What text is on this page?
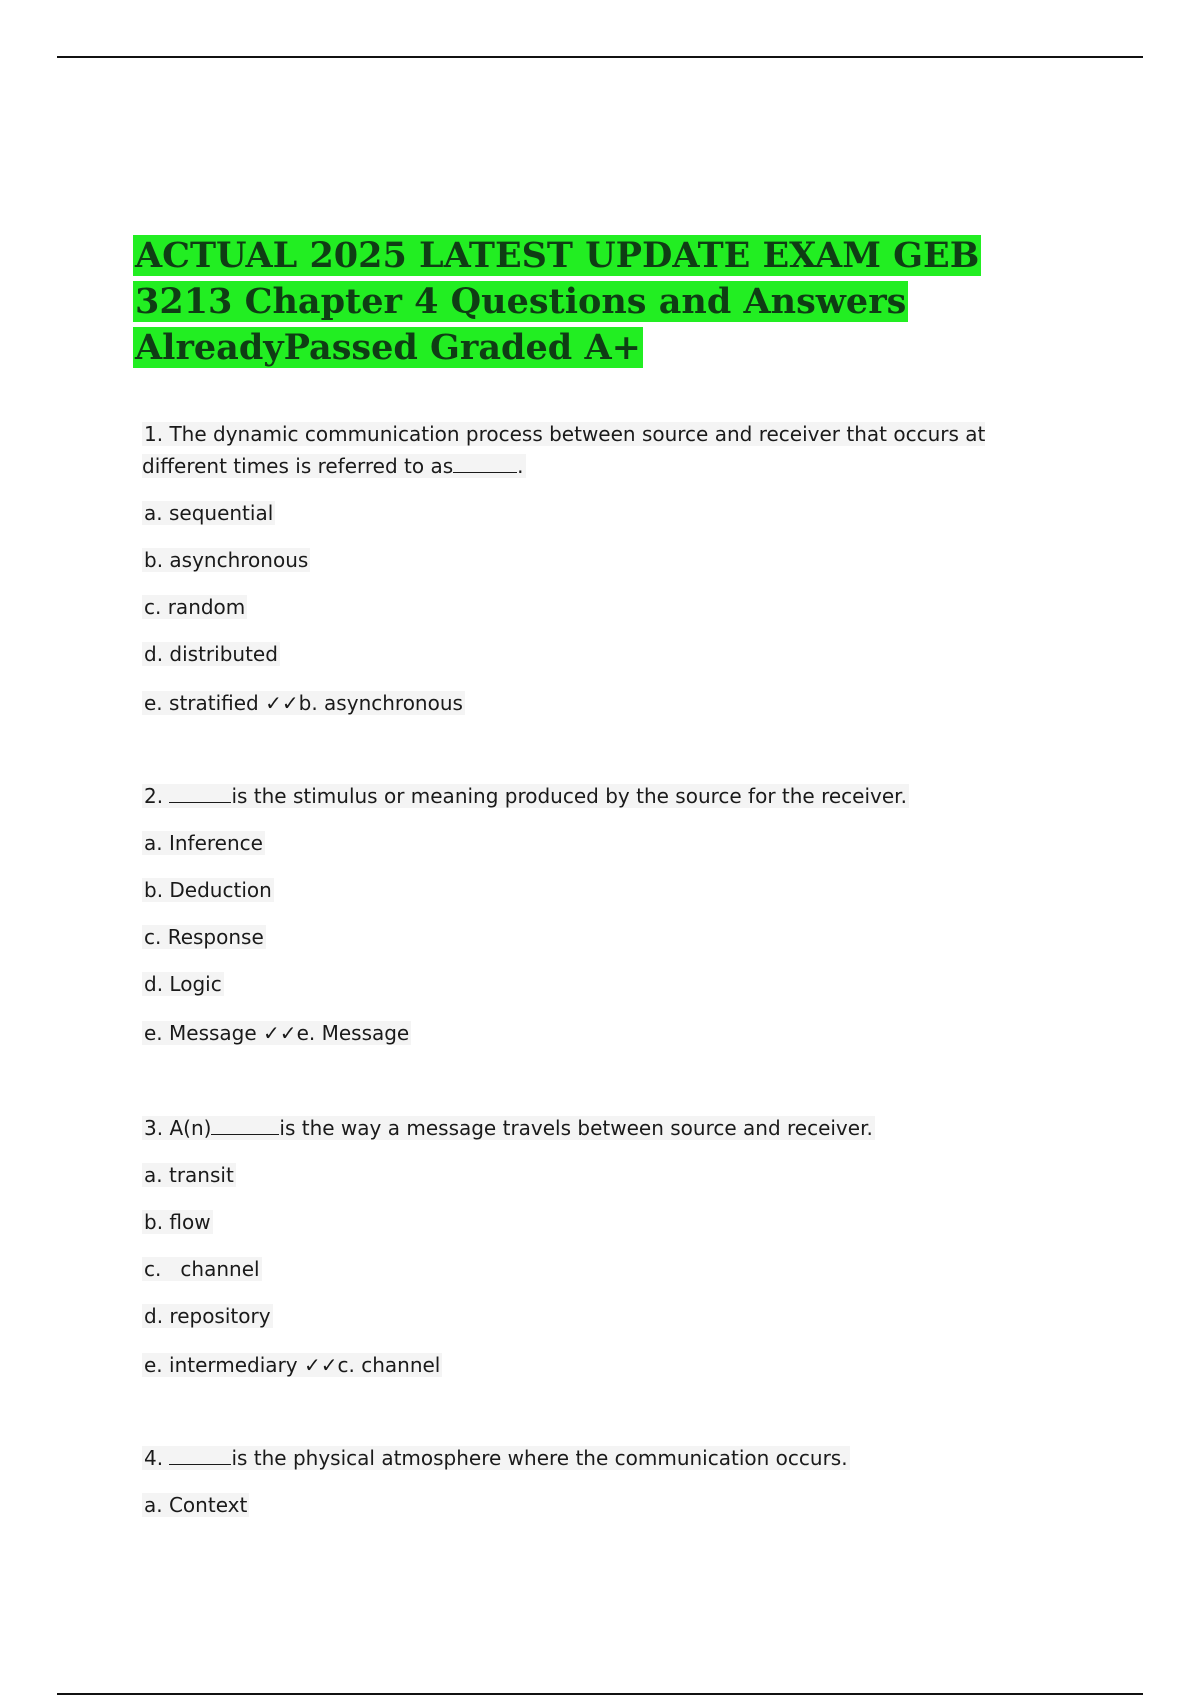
ACTUAL 2025 LATEST UPDATE EXAM GEB 3213 Chapter 4 Questions and Answers AlreadyPassed Graded A+

1. The dynamic communication process between source and receiver that occurs at different times is referred to as	.

a. sequential

b. asynchronous

c. random

d. distributed

e. stratified ✓✓b. asynchronous

2.	is the stimulus or meaning produced by the source for the receiver.

a. Inference

b. Deduction

c. Response

d. Logic

e. Message ✓✓e. Message

3. A(n)	is the way a message travels between source and receiver.

a. transit

b. flow

c.   channel

d. repository

e. intermediary ✓✓c. channel

4.	is the physical atmosphere where the communication occurs.

a. Context
